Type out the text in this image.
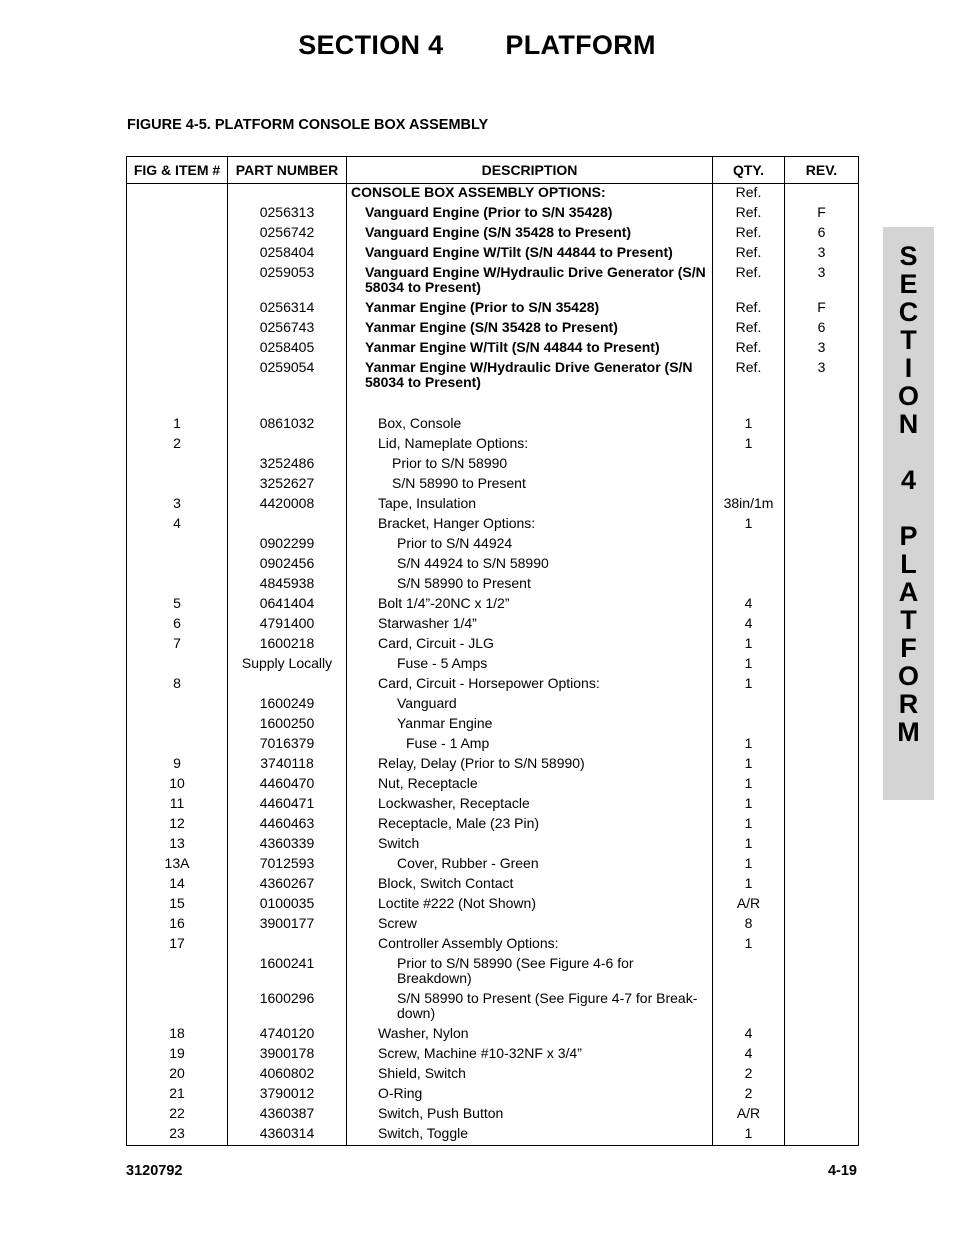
SECTION 4 PLATFORM
FIGURE 4-5. PLATFORM CONSOLE BOX ASSEMBLY
FIG & ITEM #	PART NUMBER	DESCRIPTION	QTY.	REV.
		CONSOLE BOX ASSEMBLY OPTIONS:	Ref.	
	0256313	Vanguard Engine (Prior to S/N 35428)	Ref.	F
	0256742	Vanguard Engine (S/N 35428 to Present)	Ref.	6
	0258404	Vanguard Engine W/Tilt (S/N 44844 to Present)	Ref.	3
	0259053	Vanguard Engine W/Hydraulic Drive Generator (S/N 58034 to Present)	Ref.	3
	0256314	Yanmar Engine (Prior to S/N 35428)	Ref.	F
	0256743	Yanmar Engine (S/N 35428 to Present)	Ref.	6
	0258405	Yanmar Engine W/Tilt (S/N 44844 to Present)	Ref.	3
	0259054	Yanmar Engine W/Hydraulic Drive Generator (S/N 58034 to Present)	Ref.	3
1	0861032	Box, Console	1	
2		Lid, Nameplate Options:	1	
	3252486	Prior to S/N 58990		
	3252627	S/N 58990 to Present		
3	4420008	Tape, Insulation	38in/1m	
4		Bracket, Hanger Options:	1	
	0902299	Prior to S/N 44924		
	0902456	S/N 44924 to S/N 58990		
	4845938	S/N 58990 to Present		
5	0641404	Bolt 1/4”-20NC x 1/2”	4	
6	4791400	Starwasher 1/4”	4	
7	1600218	Card, Circuit - JLG	1	
	Supply Locally	Fuse - 5 Amps	1	
8		Card, Circuit - Horsepower Options:	1	
	1600249	Vanguard		
	1600250	Yanmar Engine		
	7016379	Fuse - 1 Amp	1	
9	3740118	Relay, Delay (Prior to S/N 58990)	1	
10	4460470	Nut, Receptacle	1	
11	4460471	Lockwasher, Receptacle	1	
12	4460463	Receptacle, Male (23 Pin)	1	
13	4360339	Switch	1	
13A	7012593	Cover, Rubber - Green	1	
14	4360267	Block, Switch Contact	1	
15	0100035	Loctite #222 (Not Shown)	A/R	
16	3900177	Screw	8	
17		Controller Assembly Options:	1	
	1600241	Prior to S/N 58990 (See Figure 4-6 for Breakdown)		
	1600296	S/N 58990 to Present (See Figure 4-7 for Break-down)		
18	4740120	Washer, Nylon	4	
19	3900178	Screw, Machine #10-32NF x 3/4”	4	
20	4060802	Shield, Switch	2	
21	3790012	O-Ring	2	
22	4360387	Switch, Push Button	A/R	
23	4360314	Switch, Toggle	1	
S
E
C
T
I
O
N
4
P
L
A
T
F
O
R
M
3120792	4-19
